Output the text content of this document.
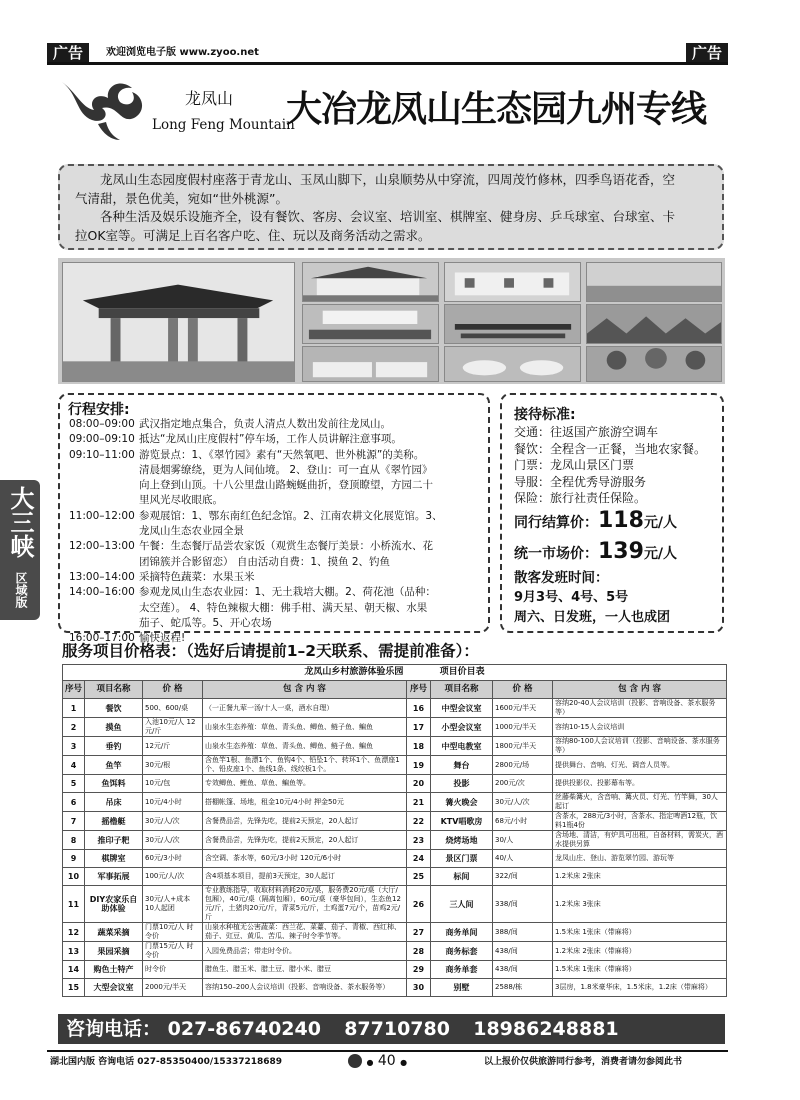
广告	欢迎浏览电子版 www.zyoo.net	广告
龙凤山
Long Feng Mountain
大冶龙凤山生态园九州专线
龙凤山生态园度假村座落于青龙山、玉凤山脚下，山泉顺势从中穿流，四周茂竹修林，四季鸟语花香，空
气清甜，景色优美，宛如“世外桃源”。
各种生活及娱乐设施齐全，设有餐饮、客房、会议室、培训室、棋牌室、健身房、乒乓球室、台球室、卡
拉OK室等。可满足上百名客户吃、住、玩以及商务活动之需求。
大三峡
区域版
行程安排:
08:00–09:00 武汉指定地点集合，负责人清点人数出发前往龙凤山。
09:00–09:10 抵达“龙凤山庄度假村”停车场，工作人员讲解注意事项。
09:10–11:00 游览景点：1、《翠竹园》素有“天然氧吧、世外桃源”的美称。
清晨烟雾缭绕，更为人间仙境。 2、登山：可一直从《翠竹园》
向上登到山顶。十八公里盘山路蜿蜒曲折，登顶瞭望，方园二十
里风光尽收眼底。
11:00–12:00 参观展馆：1、鄂东南红色纪念馆。2、江南农耕文化展览馆。3、
龙凤山生态农业园全景
12:00–13:00 午餐：生态餐厅品尝农家饭（观赏生态餐厅美景：小桥流水、花
团锦簇并合影留恋） 自由活动自费：1、摸鱼 2、钓鱼
13:00–14:00 采摘特色蔬菜：水果玉米
14:00–16:00 参观龙凤山生态农业园：1、无土栽培大棚。2、荷花池（品种：
太空莲）。 4、特色辣椒大棚：佛手柑、满天星、朝天椒、水果
茄子、蛇瓜等。5、开心农场
16:00–17:00 愉快返程!
接待标准:
交通：往返国产旅游空调车
餐饮：全程含一正餐，当地农家餐。
门票：龙凤山景区门票
导服：全程优秀导游服务
保险：旅行社责任保险。
同行结算价：118元/人
统一市场价：139元/人
散客发班时间：
9月3号、4号、5号
周六、日发班，一人也成团
服务项目价格表：（选好后请提前1–2天联系、需提前准备）：
龙凤山乡村旅游体验乐园 项目价目表							
序号	项目名称	价 格	包 含 内 容	序号	项目名称	价 格	包 含 内 容
1	餐饮	500、600/桌	（一正餐九荤一汤/十人一桌，酒水自理）	16	中型会议室	1600元/半天	容纳20-40人会议培训（投影、音响设备、茶水服务等）
2	摸鱼	入池10元/人 12元/斤	山泉水生态养殖：草鱼、青头鱼、鲫鱼、鲢子鱼、鳊鱼	17	小型会议室	1000元/半天	容纳10-15人会议培训
3	垂钓	12元/斤	山泉水生态养殖：草鱼、青头鱼、鲫鱼、鲢子鱼、鳊鱼	18	中型电教室	1800元/半天	容纳80-100人会议培训（投影、音响设备、茶水服务等）
4	鱼竿	30元/根	含鱼竿1根、鱼漂1个、鱼钩4个、铅坠1个、转环1个、鱼漂座1个、铅皮座1个、鱼线1条、线绞板1个。	19	舞台	2800元/场	提供舞台、音响、灯光、调音人员等。
5	鱼饵料	10元/包	专效鲫鱼、鲤鱼、草鱼、鳊鱼等。	20	投影	200元/次	提供投影仪、投影幕布等。
6	吊床	10元/4小时	搭棚帐篷、场地，租金10元/4小时 押金50元	21	篝火晚会	30元/人/次	丝藤柴篝火，含音响、篝火员、灯光、竹竿舞，30人起订
7	摇橹艇	30元/人/次	含餐费品尝，先锋先吃，提前2天预定，20人起订	22	KTV唱歌房	68元/小时	含茶水，288元/3小时，含茶水、指定啤酒12瓶，饮料1瓶4份
8	推印子粑	30元/人/次	含餐费品尝，先锋先吃，提前2天预定，20人起订	23	烧烤场地	30/人	含场地、清洁，有炉具可出租，自备材料，需炭火，酒水提供另算
9	棋牌室	60元/3小时	含空调、茶水等，60元/3小时 120元/6小时	24	景区门票	40/人	龙凤山庄、登山、游览翠竹园、游玩等
10	军事拓展	100元/人/次	含4项基本项目，提前3天预定，30人起订	25	标间	322/间	1.2米床 2张床
11	DIY农家乐自助体验	30元/人+成本 10人起团	专业教练指导，收取材料消耗20元/桌，服务费20元/桌（大厅/包厢），40元/桌（隔离包厢），60元/桌（豪华包间），生态鱼12元/斤，土猪肉20元/斤，青菜5元/斤，土鸡蛋7元/个，苗鸡2元/斤	26	三人间	338/间	1.2米床 3张床
12	蔬菜采摘	门票10元/人 时令价	山泉水种植无公害蔬菜：西兰花、菜薹、茄子、青椒、西红柿、茄子、豇豆、黄瓜、苦瓜、辣子时令季节等。	27	商务单间	388/间	1.5米床 1张床（带麻将）
13	果园采摘	门票15元/人 时令价	入园免费品尝；带走时令价。	28	商务标套	438/间	1.2米床 2张床（带麻将）
14	购色土特产	时令价	腊鱼生、腊玉米、腊土豆、腊小米、腊豆	29	商务单套	438/间	1.5米床 1张床（带麻将）
15	大型会议室	2000元/半天	容纳150–200人会议培训（投影、音响设备、茶水服务等）	30	别墅	2588/栋	3层房，1.8米豪华床，1.5米床，1.2床（带麻将）
咨询电话： 027-86740240 87710780 18986248881
湖北国内版 咨询电话 027-85350400/15337218689	● 40 ●	以上报价仅供旅游同行参考，消费者请勿参阅此书
